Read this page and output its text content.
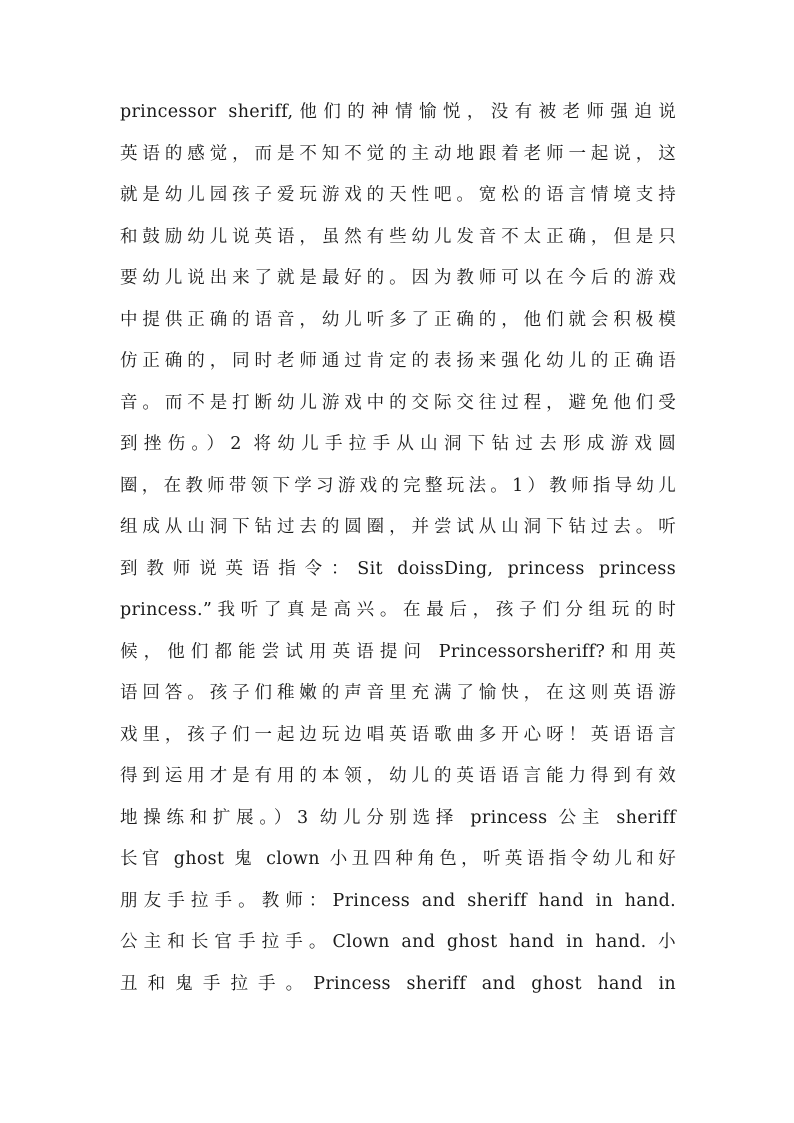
princessor sheriff,他们的神情愉悦，没有被老师强迫说
英语的感觉，而是不知不觉的主动地跟着老师一起说，这
就是幼儿园孩子爱玩游戏的天性吧。宽松的语言情境支持
和鼓励幼儿说英语，虽然有些幼儿发音不太正确，但是只
要幼儿说出来了就是最好的。因为教师可以在今后的游戏
中提供正确的语音，幼儿听多了正确的，他们就会积极模
仿正确的，同时老师通过肯定的表扬来强化幼儿的正确语
音。而不是打断幼儿游戏中的交际交往过程，避免他们受
到挫伤。）2 将幼儿手拉手从山洞下钻过去形成游戏圆
圈，在教师带领下学习游戏的完整玩法。1）教师指导幼儿
组成从山洞下钻过去的圆圈，并尝试从山洞下钻过去。听
到教师说英语指令：Sit doissDing, princess princess
princess.”我听了真是高兴。在最后，孩子们分组玩的时
候，他们都能尝试用英语提问 Princessorsheriff?和用英
语回答。孩子们稚嫩的声音里充满了愉快，在这则英语游
戏里，孩子们一起边玩边唱英语歌曲多开心呀！英语语言
得到运用才是有用的本领，幼儿的英语语言能力得到有效
地操练和扩展。）3 幼儿分别选择 princess 公主 sheriff
长官 ghost 鬼 clown 小丑四种角色，听英语指令幼儿和好
朋友手拉手。教师：Princess and sheriff hand in hand.
公主和长官手拉手。Clown and ghost hand in hand. 小
丑和鬼手拉手。Princess sheriff and ghost hand in
